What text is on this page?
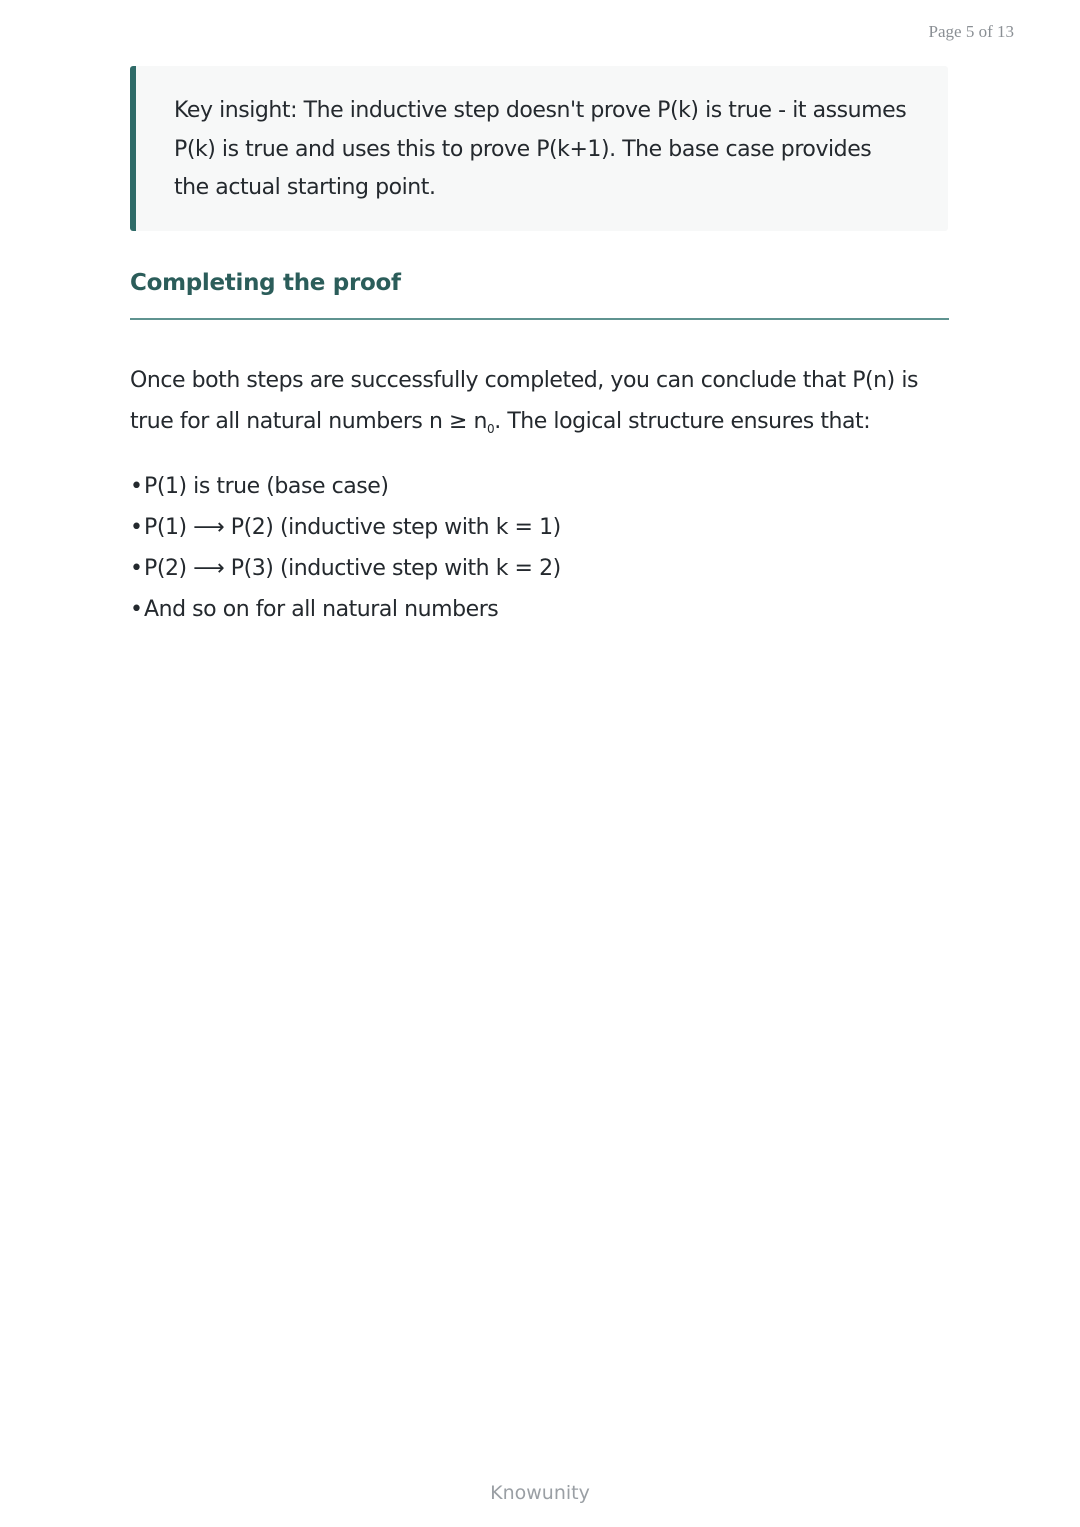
Page 5 of 13
Key insight: The inductive step doesn't prove P(k) is true - it assumes P(k) is true and uses this to prove P(k+1). The base case provides the actual starting point.
Completing the proof
Once both steps are successfully completed, you can conclude that P(n) is true for all natural numbers $n \ge n_0$. The logical structure ensures that:
•P(1) is true (base case)
•P(1) ⟶ P(2) (inductive step with k = 1)
•P(2) ⟶ P(3) (inductive step with k = 2)
•And so on for all natural numbers
Knowunity
